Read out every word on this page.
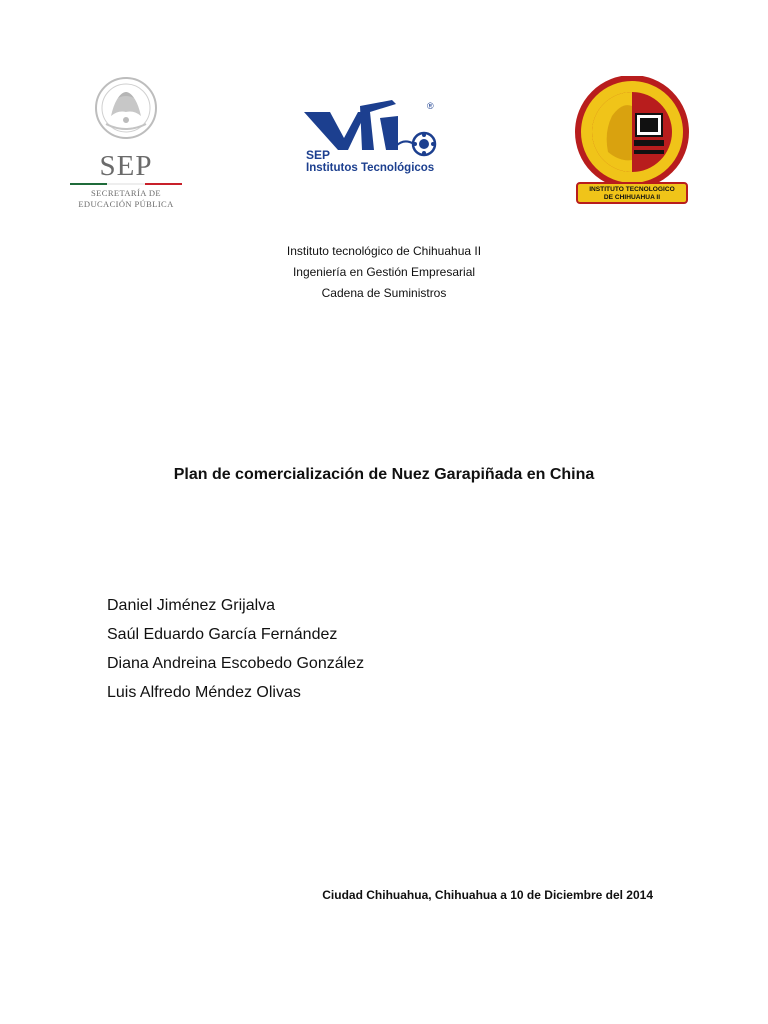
SEP
SECRETARÍA DE
EDUCACIÓN PÚBLICA
®
SEP
Institutos Tecnológicos
INSTITUTO TECNOLOGICO
DE CHIHUAHUA II
Instituto tecnológico de Chihuahua II
Ingeniería en Gestión Empresarial
Cadena de Suministros
Plan de comercialización de Nuez Garapiñada en China
Daniel Jiménez Grijalva
Saúl Eduardo García Fernández
Diana Andreina Escobedo González
Luis Alfredo Méndez Olivas
Ciudad Chihuahua, Chihuahua a 10 de Diciembre del 2014
